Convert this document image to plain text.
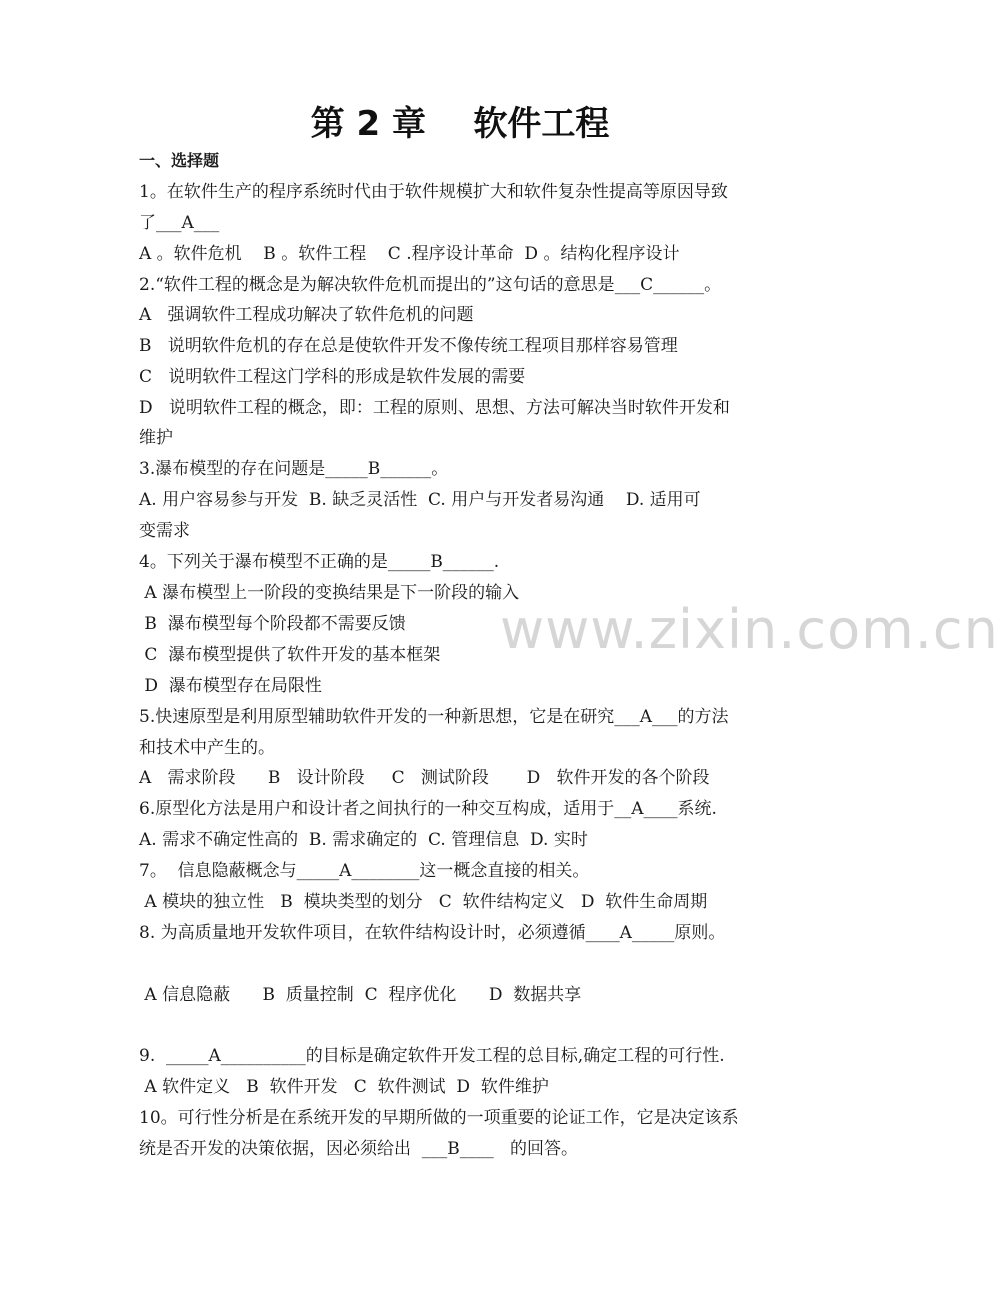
第 2 章    软件工程
一、选择题
www.zixin.com.cn
1。在软件生产的程序系统时代由于软件规模扩大和软件复杂性提高等原因导致
了___A___
A 。软件危机    B 。软件工程    C .程序设计革命  D 。结构化程序设计
2.“软件工程的概念是为解决软件危机而提出的”这句话的意思是___C______。
A   强调软件工程成功解决了软件危机的问题
B   说明软件危机的存在总是使软件开发不像传统工程项目那样容易管理
C   说明软件工程这门学科的形成是软件发展的需要
D   说明软件工程的概念，即：工程的原则、思想、方法可解决当时软件开发和
维护
3.瀑布模型的存在问题是_____B______。
A. 用户容易参与开发  B. 缺乏灵活性  C. 用户与开发者易沟通    D. 适用可
变需求
4。下列关于瀑布模型不正确的是_____B______.
A 瀑布模型上一阶段的变换结果是下一阶段的输入
B  瀑布模型每个阶段都不需要反馈
C  瀑布模型提供了软件开发的基本框架
D  瀑布模型存在局限性
5.快速原型是利用原型辅助软件开发的一种新思想，它是在研究___A___的方法
和技术中产生的。
A   需求阶段      B   设计阶段     C   测试阶段       D   软件开发的各个阶段
6.原型化方法是用户和设计者之间执行的一种交互构成，适用于__A____系统.
A. 需求不确定性高的  B. 需求确定的  C. 管理信息  D. 实时
7。  信息隐蔽概念与_____A________这一概念直接的相关。
A 模块的独立性   B  模块类型的划分   C  软件结构定义   D  软件生命周期
8. 为高质量地开发软件项目，在软件结构设计时，必须遵循____A_____原则。
A 信息隐蔽      B  质量控制  C  程序优化      D  数据共享
9.  _____A__________的目标是确定软件开发工程的总目标,确定工程的可行性.
A 软件定义   B  软件开发   C  软件测试  D  软件维护
10。可行性分析是在系统开发的早期所做的一项重要的论证工作，它是决定该系
统是否开发的决策依据，因必须给出  ___B____   的回答。
